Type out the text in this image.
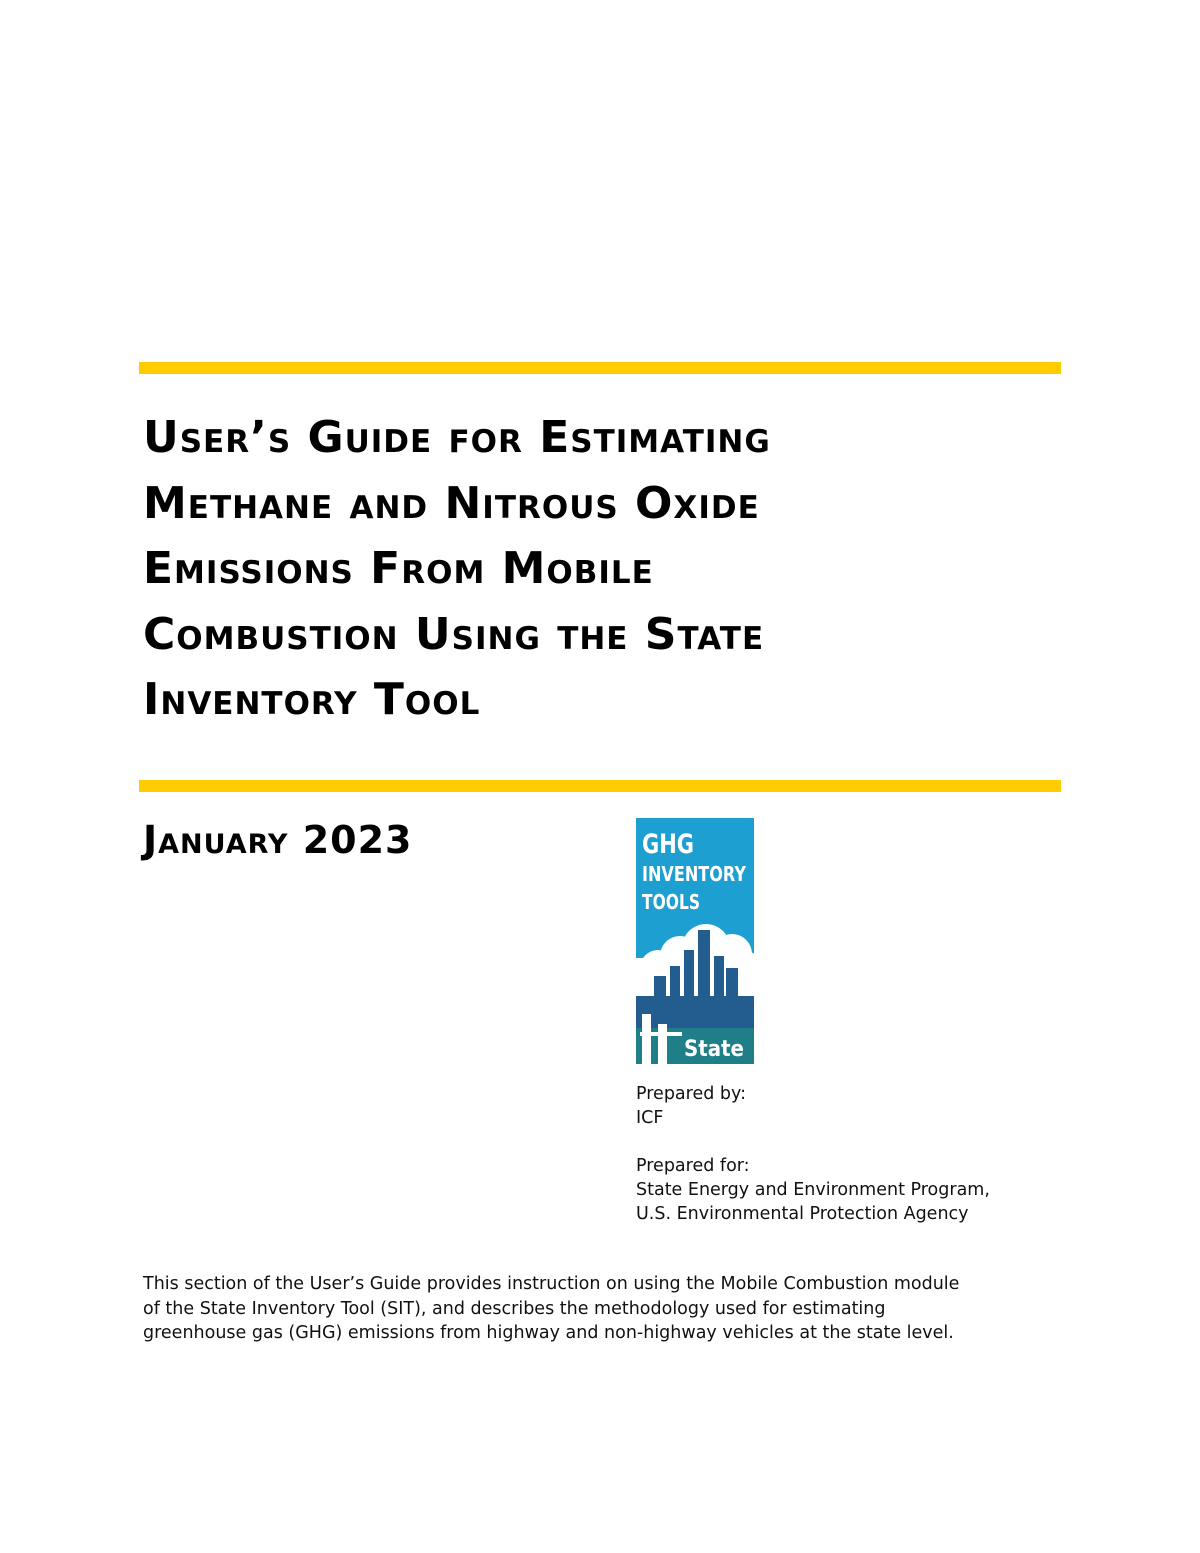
User’s Guide for Estimating
Methane and Nitrous Oxide
Emissions From Mobile
Combustion Using the State
Inventory Tool
January 2023	GHG
INVENTORY
TOOLS
State
Prepared by:
ICF
Prepared for:
State Energy and Environment Program,
U.S. Environmental Protection Agency
This section of the User’s Guide provides instruction on using the Mobile Combustion module
of the State Inventory Tool (SIT), and describes the methodology used for estimating
greenhouse gas (GHG) emissions from highway and non-highway vehicles at the state level.
